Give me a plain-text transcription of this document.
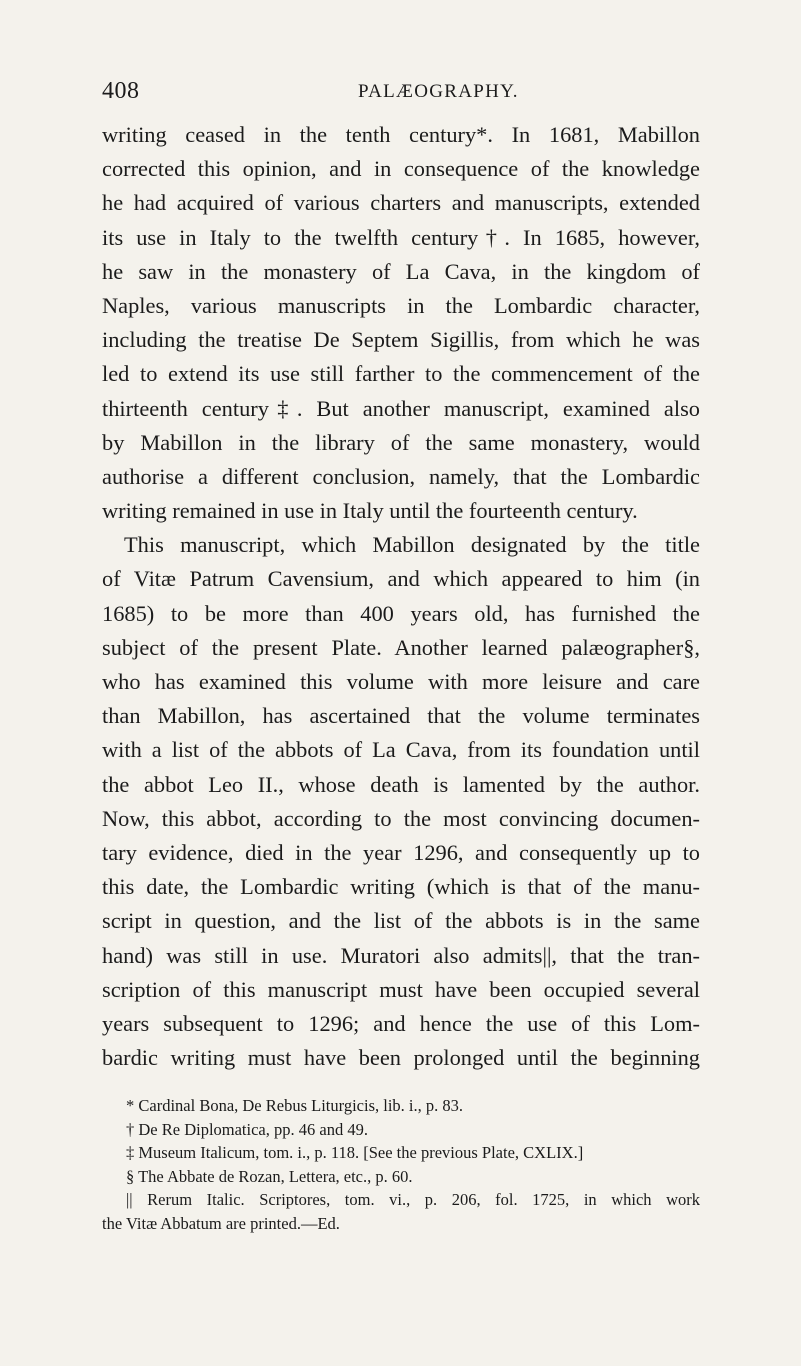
408	PALÆOGRAPHY.
writing ceased in the tenth century*. In 1681, Mabillon
corrected this opinion, and in consequence of the knowledge
he had acquired of various charters and manuscripts, extended
its use in Italy to the twelfth century†. In 1685, however,
he saw in the monastery of La Cava, in the kingdom of
Naples, various manuscripts in the Lombardic character,
including the treatise De Septem Sigillis, from which he was
led to extend its use still farther to the commencement of the
thirteenth century‡. But another manuscript, examined also
by Mabillon in the library of the same monastery, would
authorise a different conclusion, namely, that the Lombardic
writing remained in use in Italy until the fourteenth century.
This manuscript, which Mabillon designated by the title
of Vitæ Patrum Cavensium, and which appeared to him (in
1685) to be more than 400 years old, has furnished the
subject of the present Plate. Another learned palæographer§,
who has examined this volume with more leisure and care
than Mabillon, has ascertained that the volume terminates
with a list of the abbots of La Cava, from its foundation until
the abbot Leo II., whose death is lamented by the author.
Now, this abbot, according to the most convincing documen-
tary evidence, died in the year 1296, and consequently up to
this date, the Lombardic writing (which is that of the manu-
script in question, and the list of the abbots is in the same
hand) was still in use. Muratori also admits||, that the tran-
scription of this manuscript must have been occupied several
years subsequent to 1296; and hence the use of this Lom-
bardic writing must have been prolonged until the beginning
* Cardinal Bona, De Rebus Liturgicis, lib. i., p. 83.
† De Re Diplomatica, pp. 46 and 49.
‡ Museum Italicum, tom. i., p. 118. [See the previous Plate, CXLIX.]
§ The Abbate de Rozan, Lettera, etc., p. 60.
|| Rerum Italic. Scriptores, tom. vi., p. 206, fol. 1725, in which work
the Vitæ Abbatum are printed.—Ed.
